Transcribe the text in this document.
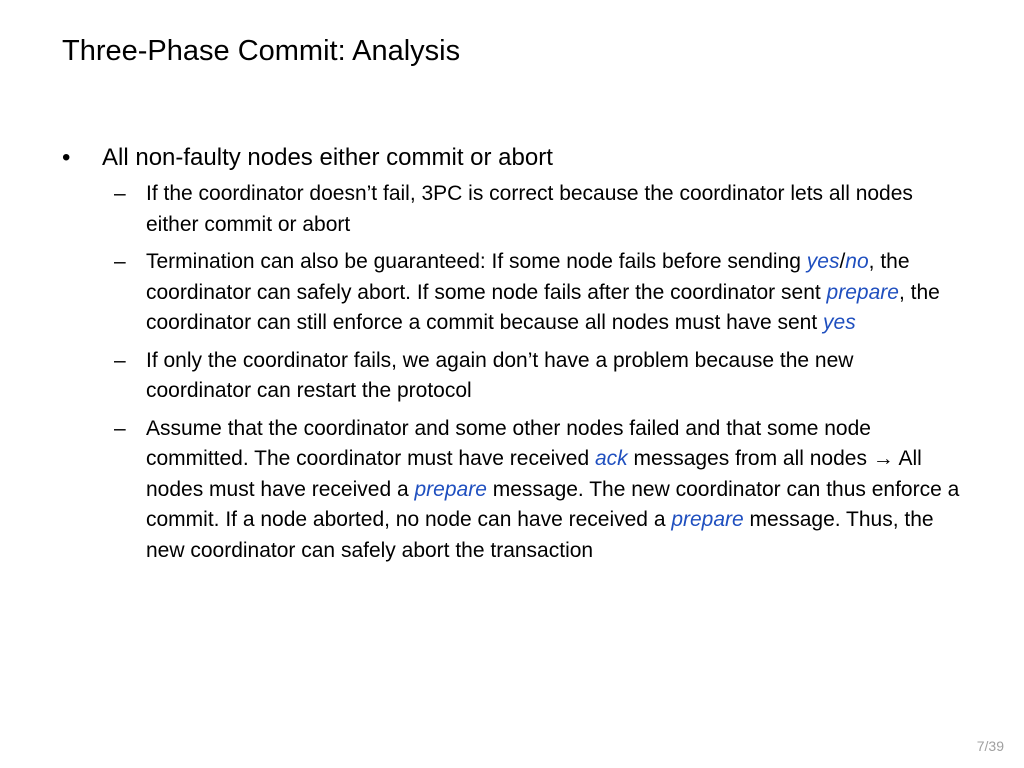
Three-Phase Commit: Analysis
•	All non-faulty nodes either commit or abort
– If the coordinator doesn’t fail, 3PC is correct because the coordinator lets all nodes either commit or abort
– Termination can also be guaranteed: If some node fails before sending yes/no, the coordinator can safely abort. If some node fails after the coordinator sent prepare, the coordinator can still enforce a commit because all nodes must have sent yes
– If only the coordinator fails, we again don’t have a problem because the new coordinator can restart the protocol
– Assume that the coordinator and some other nodes failed and that some node committed. The coordinator must have received ack messages from all nodes → All nodes must have received a prepare message. The new coordinator can thus enforce a commit. If a node aborted, no node can have received a prepare message. Thus, the new coordinator can safely abort the transaction
7/39
